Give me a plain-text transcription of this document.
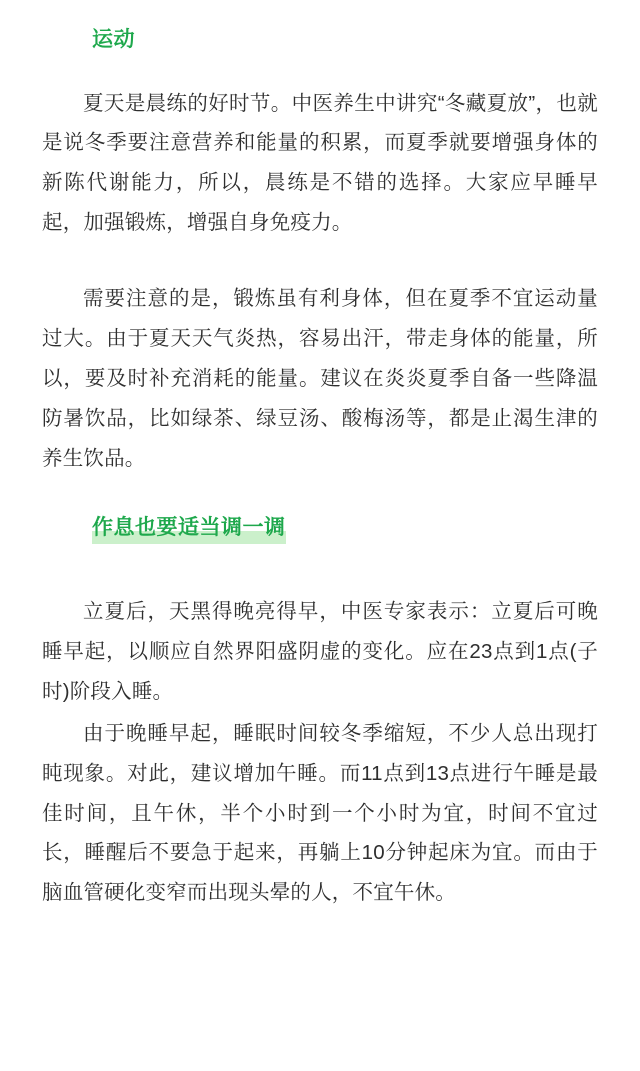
运动

夏天是晨练的好时节。中医养生中讲究“冬藏夏放”，也就是说冬季要注意营养和能量的积累，而夏季就要增强身体的新陈代谢能力，所以，晨练是不错的选择。大家应早睡早起，加强锻炼，增强自身免疫力。

需要注意的是，锻炼虽有利身体，但在夏季不宜运动量过大。由于夏天天气炎热，容易出汗，带走身体的能量，所以，要及时补充消耗的能量。建议在炎炎夏季自备一些降温防暑饮品，比如绿茶、绿豆汤、酸梅汤等，都是止渴生津的养生饮品。

作息也要适当调一调

立夏后，天黑得晚亮得早，中医专家表示：立夏后可晚睡早起，以顺应自然界阳盛阴虚的变化。应在23点到1点(子时)阶段入睡。

由于晚睡早起，睡眠时间较冬季缩短，不少人总出现打盹现象。对此，建议增加午睡。而11点到13点进行午睡是最佳时间，且午休，半个小时到一个小时为宜，时间不宜过长，睡醒后不要急于起来，再躺上10分钟起床为宜。而由于脑血管硬化变窄而出现头晕的人，不宜午休。
